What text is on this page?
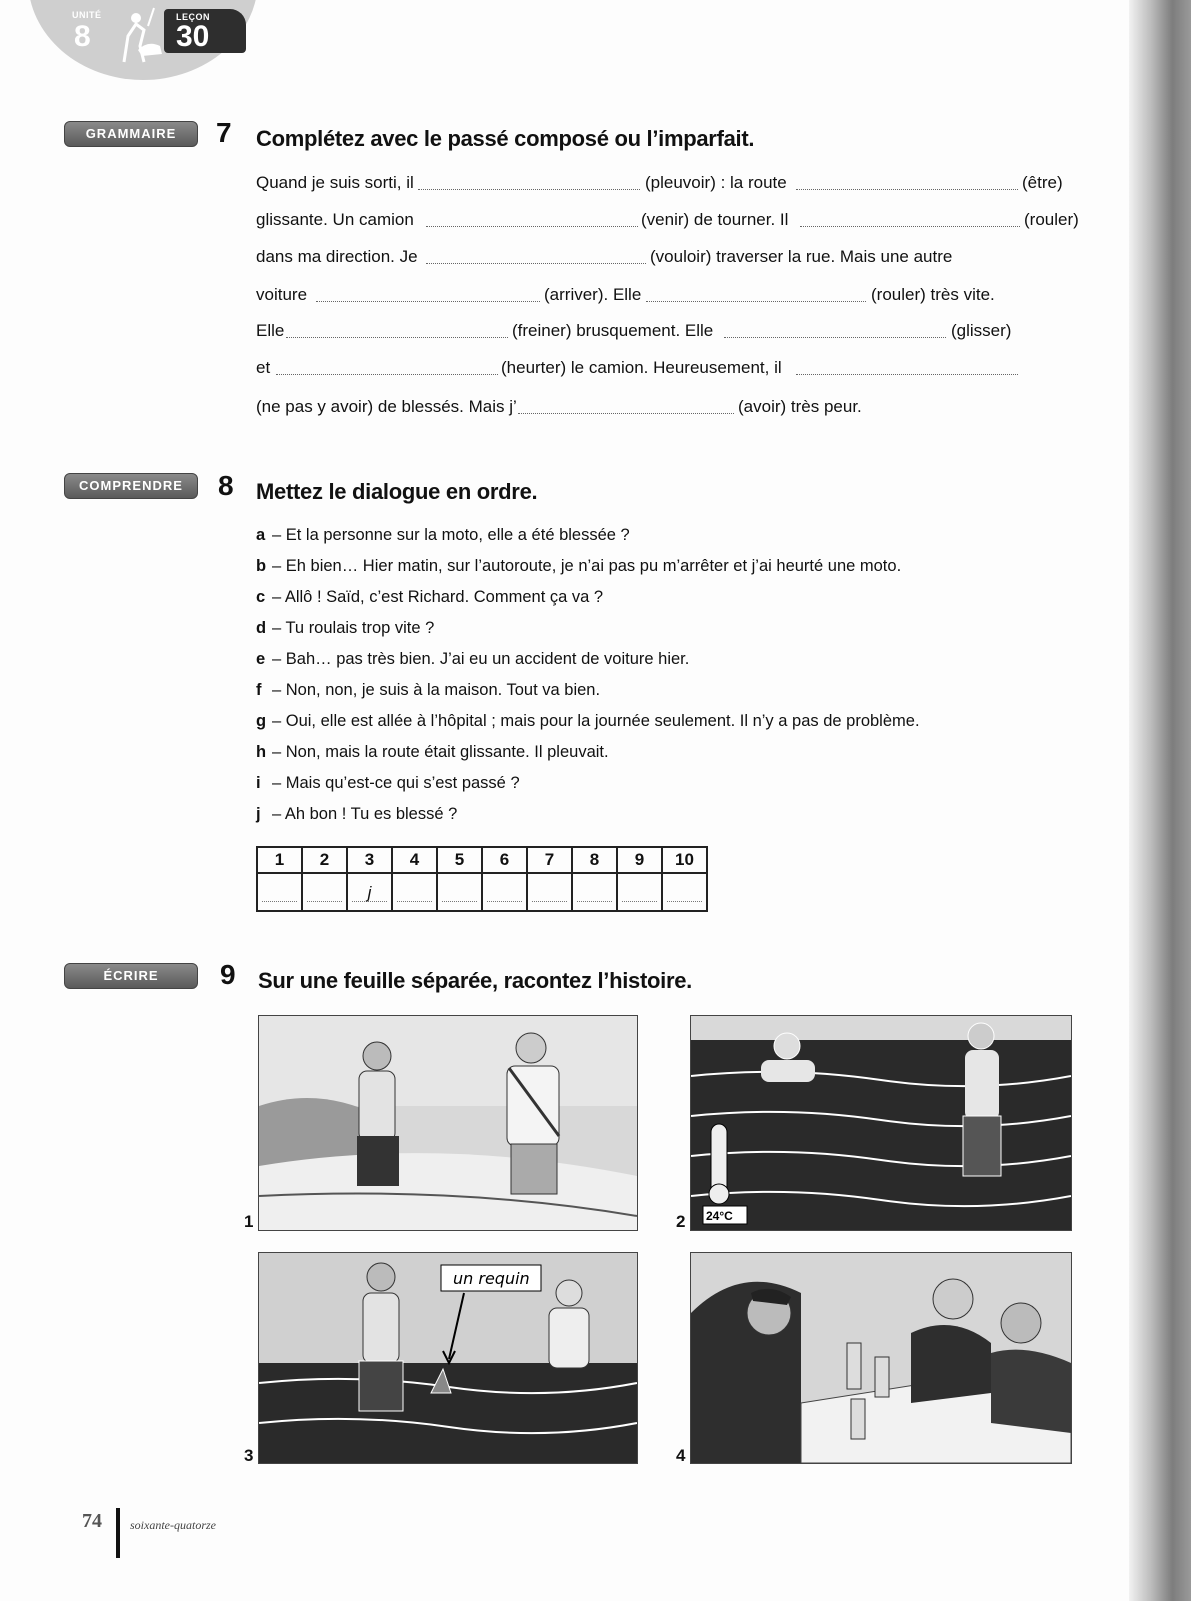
UNITÉ
8
LEÇON
30
GRAMMAIRE	7 Complétez avec le passé composé ou l’imparfait.
Quand je suis sorti, il	(pleuvoir) : la route	(être)
glissante. Un camion	(venir) de tourner. Il	(rouler)
dans ma direction. Je	(vouloir) traverser la rue. Mais une autre
voiture	(arriver). Elle	(rouler) très vite.
Elle	(freiner) brusquement. Elle	(glisser)
et	(heurter) le camion. Heureusement, il
(ne pas y avoir) de blessés. Mais j’	(avoir) très peur.
COMPRENDRE	8 Mettez le dialogue en ordre.
a – Et la personne sur la moto, elle a été blessée ?
b – Eh bien… Hier matin, sur l’autoroute, je n’ai pas pu m’arrêter et j’ai heurté une moto.
c – Allô ! Saïd, c’est Richard. Comment ça va ?
d – Tu roulais trop vite ?
e – Bah… pas très bien. J’ai eu un accident de voiture hier.
f – Non, non, je suis à la maison. Tout va bien.
g – Oui, elle est allée à l’hôpital ; mais pour la journée seulement. Il n’y a pas de problème.
h – Non, mais la route était glissante. Il pleuvait.
i – Mais qu’est-ce qui s’est passé ?
j – Ah bon ! Tu es blessé ?
1	2	3	4	5	6	7	8	9	10

		j							

ÉCRIRE	9 Sur une feuille séparée, racontez l’histoire.
1	2 24°C
3
un requin
4
74 soixante-quatorze
